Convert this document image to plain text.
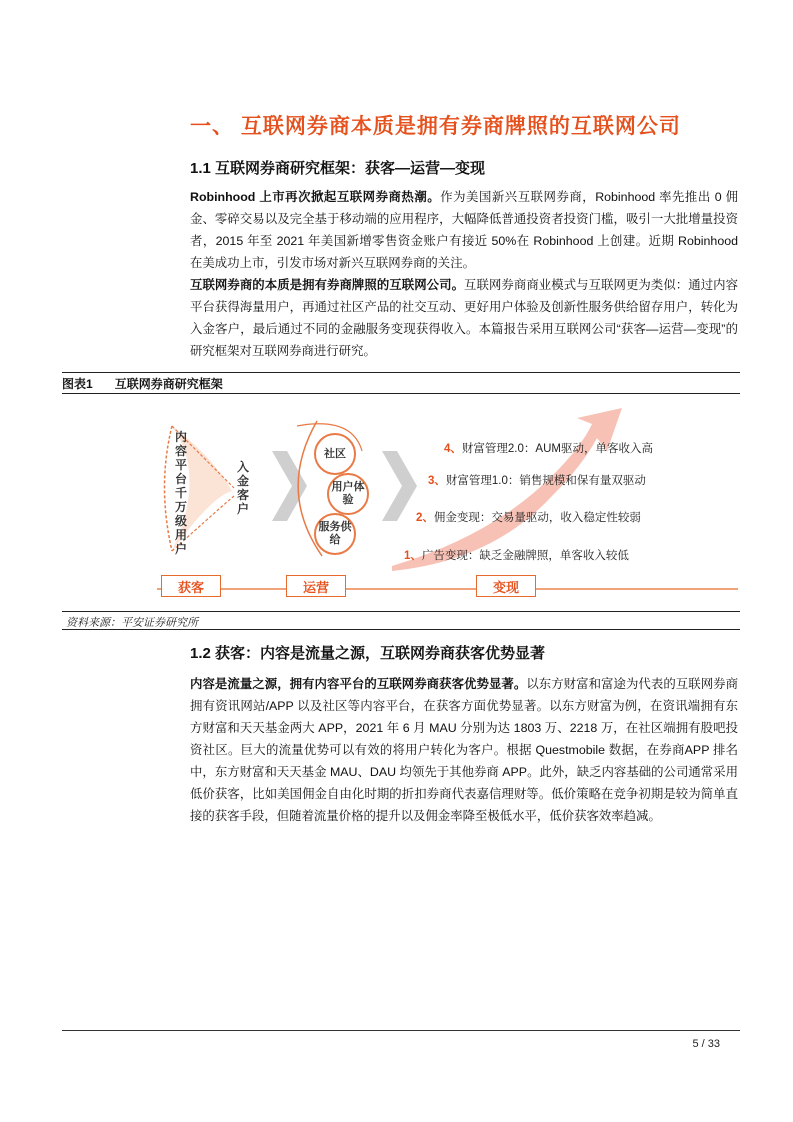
一、 互联网券商本质是拥有券商牌照的互联网公司
1.1 互联网券商研究框架：获客—运营—变现
Robinhood 上市再次掀起互联网券商热潮。作为美国新兴互联网券商，Robinhood 率先推出 0 佣金、零碎交易以及完全基于移动端的应用程序，大幅降低普通投资者投资门槛，吸引一大批增量投资者，2015 年至 2021 年美国新增零售资金账户有接近 50%在 Robinhood 上创建。近期 Robinhood 在美成功上市，引发市场对新兴互联网券商的关注。
互联网券商的本质是拥有券商牌照的互联网公司。互联网券商商业模式与互联网更为类似：通过内容平台获得海量用户，再通过社区产品的社交互动、更好用户体验及创新性服务供给留存用户，转化为入金客户，最后通过不同的金融服务变现获得收入。本篇报告采用互联网公司“获客—运营—变现”的研究框架对互联网券商进行研究。
图表1 互联网券商研究框架
内容平台千万级用户
入金客户
社区
用户体验
服务供给
4、财富管理2.0：AUM驱动，单客收入高
3、财富管理1.0：销售规模和保有量双驱动
2、佣金变现：交易量驱动，收入稳定性较弱
1、广告变现：缺乏金融牌照，单客收入较低
获客	运营	变现
资料来源：平安证券研究所
1.2 获客：内容是流量之源，互联网券商获客优势显著
内容是流量之源，拥有内容平台的互联网券商获客优势显著。以东方财富和富途为代表的互联网券商拥有资讯网站/APP 以及社区等内容平台，在获客方面优势显著。以东方财富为例，在资讯端拥有东方财富和天天基金两大 APP，2021 年 6 月 MAU 分别为达 1803 万、2218 万，在社区端拥有股吧投资社区。巨大的流量优势可以有效的将用户转化为客户。根据 Questmobile 数据，在券商APP 排名中，东方财富和天天基金 MAU、DAU 均领先于其他券商 APP。此外，缺乏内容基础的公司通常采用低价获客，比如美国佣金自由化时期的折扣券商代表嘉信理财等。低价策略在竞争初期是较为简单直接的获客手段，但随着流量价格的提升以及佣金率降至极低水平，低价获客效率趋减。
5 / 33
